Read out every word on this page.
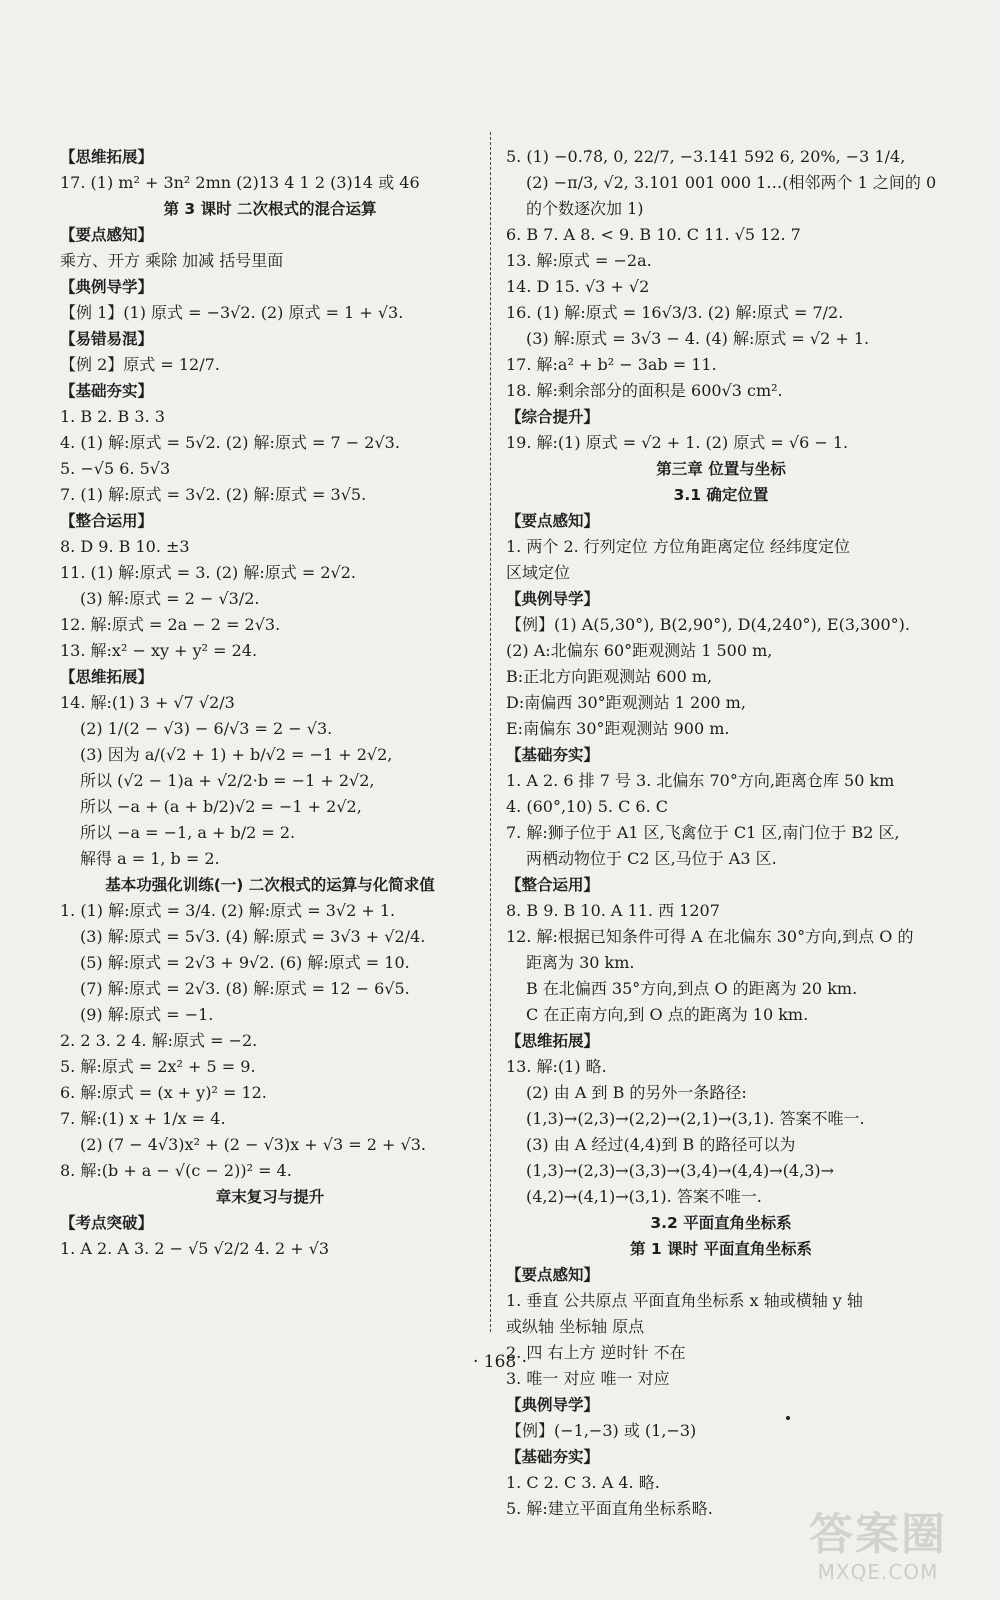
【思维拓展】
17. (1) m² + 3n² 2mn (2)13 4 1 2 (3)14 或 46
第 3 课时 二次根式的混合运算
【要点感知】
乘方、开方 乘除 加减 括号里面
【典例导学】
【例 1】(1) 原式 = −3√2. (2) 原式 = 1 + √3.
【易错易混】
【例 2】原式 = 12/7.
【基础夯实】
1. B 2. B 3. 3
4. (1) 解:原式 = 5√2. (2) 解:原式 = 7 − 2√3.
5. −√5 6. 5√3
7. (1) 解:原式 = 3√2. (2) 解:原式 = 3√5.
【整合运用】
8. D 9. B 10. ±3
11. (1) 解:原式 = 3. (2) 解:原式 = 2√2.
(3) 解:原式 = 2 − √3/2.
12. 解:原式 = 2a − 2 = 2√3.
13. 解:x² − xy + y² = 24.
【思维拓展】
14. 解:(1) 3 + √7 √2/3
(2) 1/(2 − √3) − 6/√3 = 2 − √3.
(3) 因为 a/(√2 + 1) + b/√2 = −1 + 2√2,
所以 (√2 − 1)a + √2/2·b = −1 + 2√2,
所以 −a + (a + b/2)√2 = −1 + 2√2,
所以 −a = −1, a + b/2 = 2.
解得 a = 1, b = 2.
基本功强化训练(一) 二次根式的运算与化简求值
1. (1) 解:原式 = 3/4. (2) 解:原式 = 3√2 + 1.
(3) 解:原式 = 5√3. (4) 解:原式 = 3√3 + √2/4.
(5) 解:原式 = 2√3 + 9√2. (6) 解:原式 = 10.
(7) 解:原式 = 2√3. (8) 解:原式 = 12 − 6√5.
(9) 解:原式 = −1.
2. 2 3. 2 4. 解:原式 = −2.
5. 解:原式 = 2x² + 5 = 9.
6. 解:原式 = (x + y)² = 12.
7. 解:(1) x + 1/x = 4.
(2) (7 − 4√3)x² + (2 − √3)x + √3 = 2 + √3.
8. 解:(b + a − √(c − 2))² = 4.
章末复习与提升
【考点突破】
1. A 2. A 3. 2 − √5 √2/2 4. 2 + √3
5. (1) −0.7̇8̇, 0, 22/7, −3.141 592 6, 20%, −3 1/4,
(2) −π/3, √2, 3.101 001 000 1…(相邻两个 1 之间的 0
的个数逐次加 1)
6. B 7. A 8. < 9. B 10. C 11. √5 12. 7
13. 解:原式 = −2a.
14. D 15. √3 + √2
16. (1) 解:原式 = 16√3/3. (2) 解:原式 = 7/2.
(3) 解:原式 = 3√3 − 4. (4) 解:原式 = √2 + 1.
17. 解:a² + b² − 3ab = 11.
18. 解:剩余部分的面积是 600√3 cm².
【综合提升】
19. 解:(1) 原式 = √2 + 1. (2) 原式 = √6 − 1.
第三章 位置与坐标
3.1 确定位置
【要点感知】
1. 两个 2. 行列定位 方位角距离定位 经纬度定位
区域定位
【典例导学】
【例】(1) A(5,30°), B(2,90°), D(4,240°), E(3,300°).
(2) A:北偏东 60°距观测站 1 500 m,
B:正北方向距观测站 600 m,
D:南偏西 30°距观测站 1 200 m,
E:南偏东 30°距观测站 900 m.
【基础夯实】
1. A 2. 6 排 7 号 3. 北偏东 70°方向,距离仓库 50 km
4. (60°,10) 5. C 6. C
7. 解:狮子位于 A1 区,飞禽位于 C1 区,南门位于 B2 区,
两栖动物位于 C2 区,马位于 A3 区.
【整合运用】
8. B 9. B 10. A 11. 西 1207
12. 解:根据已知条件可得 A 在北偏东 30°方向,到点 O 的
距离为 30 km.
B 在北偏西 35°方向,到点 O 的距离为 20 km.
C 在正南方向,到 O 点的距离为 10 km.
【思维拓展】
13. 解:(1) 略.
(2) 由 A 到 B 的另外一条路径:
(1,3)→(2,3)→(2,2)→(2,1)→(3,1). 答案不唯一.
(3) 由 A 经过(4,4)到 B 的路径可以为
(1,3)→(2,3)→(3,3)→(3,4)→(4,4)→(4,3)→
(4,2)→(4,1)→(3,1). 答案不唯一.
3.2 平面直角坐标系
第 1 课时 平面直角坐标系
【要点感知】
1. 垂直 公共原点 平面直角坐标系 x 轴或横轴 y 轴
或纵轴 坐标轴 原点
2. 四 右上方 逆时针 不在
3. 唯一 对应 唯一 对应
【典例导学】
【例】(−1,−3) 或 (1,−3)
【基础夯实】
1. C 2. C 3. A 4. 略.
5. 解:建立平面直角坐标系略.
· 168 ·
答案圈
MXQE.COM
